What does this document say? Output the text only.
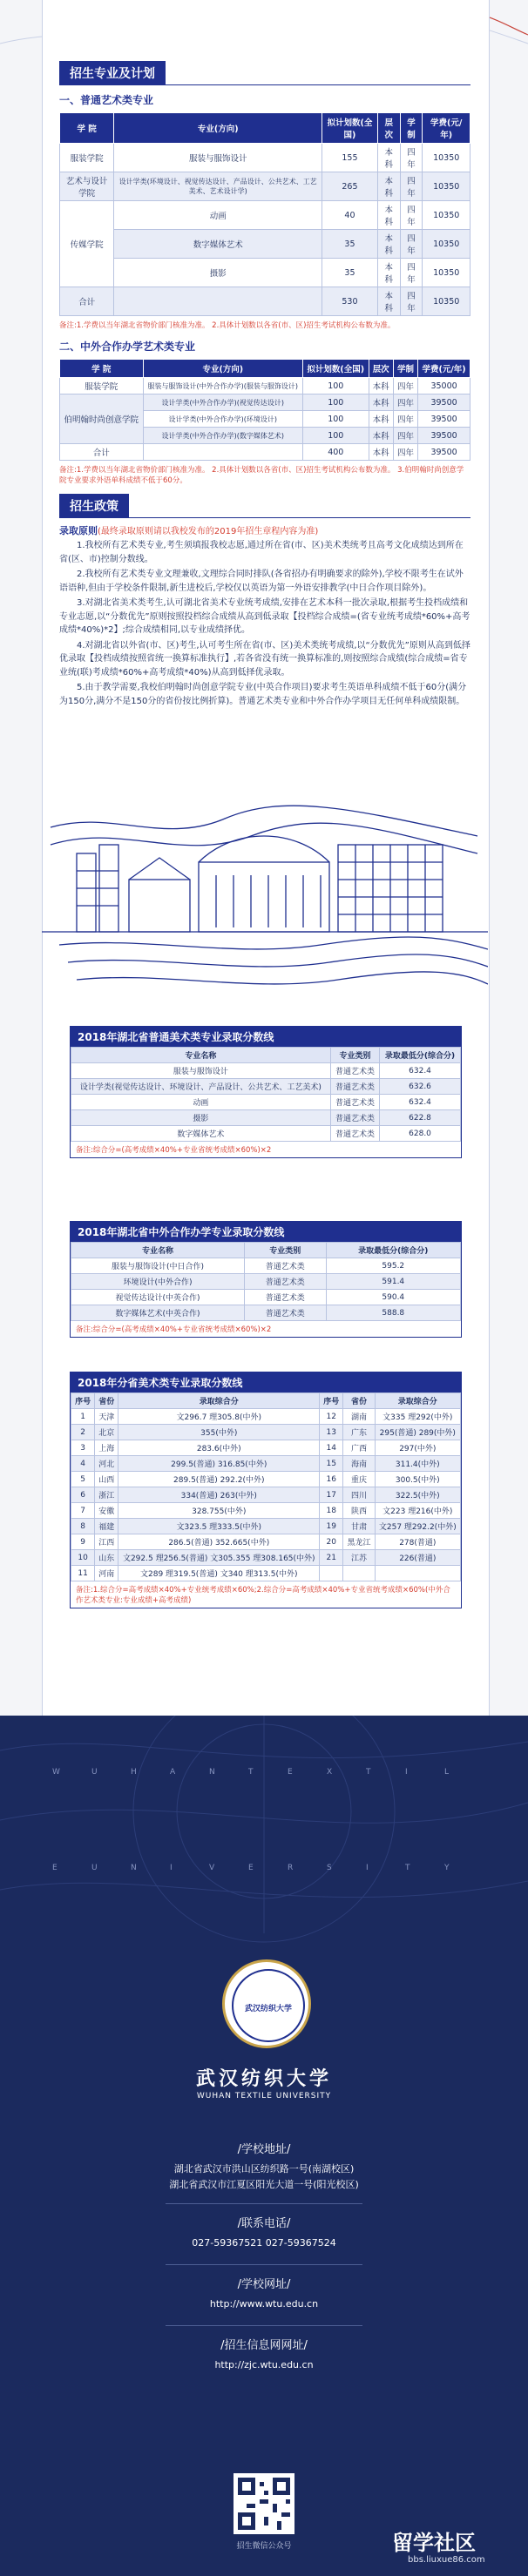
招生专业及计划
一、普通艺术类专业
学 院	专业(方向)	拟计划数(全国)	层次	学制	学费(元/年)
服装学院	服装与服饰设计	155	本科	四年	10350
艺术与设计学院	设计学类(环境设计、视觉传达设计、产品设计、公共艺术、工艺美术、艺术设计学)	265	本科	四年	10350
传媒学院	动画	40	本科	四年	10350
	数字媒体艺术	35	本科	四年	10350
	摄影	35	本科	四年	10350
合计		530	本科	四年	10350
备注:1.学费以当年湖北省物价部门核准为准。 2.具体计划数以各省(市、区)招生考试机构公布数为准。
二、中外合作办学艺术类专业
学 院	专业(方向)	拟计划数(全国)	层次	学制	学费(元/年)
服装学院	服装与服饰设计(中外合作办学)(服装与服饰设计)	100	本科	四年	35000
伯明翰时尚创意学院	设计学类(中外合作办学)(视觉传达设计)	100	本科	四年	39500
	设计学类(中外合作办学)(环境设计)	100	本科	四年	39500
	设计学类(中外合作办学)(数字媒体艺术)	100	本科	四年	39500
合计		400	本科	四年	39500
备注:1.学费以当年湖北省物价部门核准为准。 2.具体计划数以各省(市、区)招生考试机构公布数为准。 3.伯明翰时尚创意学院专业要求外语单科成绩不低于60分。
招生政策
录取原则(最终录取原则请以我校发布的2019年招生章程内容为准)

1.我校所有艺术类专业,考生须填报我校志愿,通过所在省(市、区)美术类统考且高考文化成绩达到所在省(区、市)控制分数线。

2.我校所有艺术类专业文理兼收,文理综合同时排队(各省招办有明确要求的除外),学校不限考生在试外语语种,但由于学校条件限制,新生进校后,学校仅以英语为第一外语安排教学(中日合作项目除外)。

3.对湖北省美术类考生,认可湖北省美术专业统考成绩,安排在艺术本科一批次录取,根据考生投档成绩和专业志愿,以“分数优先”原则按照投档综合成绩从高到低录取【投档综合成绩=(省专业统考成绩*60%+高考成绩*40%)*2】;综合成绩相同,以专业成绩择优。

4.对湖北省以外省(市、区)考生,认可考生所在省(市、区)美术类统考成绩,以“分数优先”原则从高到低择优录取【投档成绩按照省统一换算标准执行】,若各省没有统一换算标准的,则按照综合成绩(综合成绩=省专业统(联)考成绩*60%+高考成绩*40%)从高到低择优录取。

5.由于教学需要,我校伯明翰时尚创意学院专业(中英合作项目)要求考生英语单科成绩不低于60分(满分为150分,满分不是150分的省份按比例折算)。普通艺术类专业和中外合作办学项目无任何单科成绩限制。

2018年湖北省普通美术类专业录取分数线
专业名称	专业类别	录取最低分(综合分)
服装与服饰设计	普通艺术类	632.4
设计学类(视觉传达设计、环境设计、产品设计、公共艺术、工艺美术)	普通艺术类	632.6
动画	普通艺术类	632.4
摄影	普通艺术类	622.8
数字媒体艺术	普通艺术类	628.0
备注:综合分=(高考成绩×40%+专业省统考成绩×60%)×2
2018年湖北省中外合作办学专业录取分数线
专业名称	专业类别	录取最低分(综合分)
服装与服饰设计(中日合作)	普通艺术类	595.2
环境设计(中外合作)	普通艺术类	591.4
视觉传达设计(中英合作)	普通艺术类	590.4
数字媒体艺术(中英合作)	普通艺术类	588.8
备注:综合分=(高考成绩×40%+专业省统考成绩×60%)×2
2018年分省美术类专业录取分数线
序号	省份	录取综合分	序号	省份	录取综合分
1	天津	文296.7 理305.8(中外)	12	湖南	文335 理292(中外)
2	北京	355(中外)	13	广东	295(普通) 289(中外)
3	上海	283.6(中外)	14	广西	297(中外)
4	河北	299.5(普通) 316.85(中外)	15	海南	311.4(中外)
5	山西	289.5(普通) 292.2(中外)	16	重庆	300.5(中外)
6	浙江	334(普通) 263(中外)	17	四川	322.5(中外)
7	安徽	328.755(中外)	18	陕西	文223 理216(中外)
8	福建	文323.5 理333.5(中外)	19	甘肃	文257 理292.2(中外)
9	江西	286.5(普通) 352.665(中外)	20	黑龙江	278(普通)
10	山东	文292.5 理256.5(普通) 文305.355 理308.165(中外)	21	江苏	226(普通)
11	河南	文289 理319.5(普通) 文340 理313.5(中外)			
备注:1.综合分=高考成绩×40%+专业统考成绩×60%;2.综合分=高考成绩×40%+专业省统考成绩×60%(中外合作艺术类专业:专业成绩+高考成绩)
W	U	H	A	N	T	E	X	T	I	L
E	U	N	I	V	E	R	S	I	T	Y
武汉纺织大学
武汉纺织大学
WUHAN TEXTILE UNIVERSITY
/学校地址/
湖北省武汉市洪山区纺织路一号(南湖校区)
湖北省武汉市江夏区阳光大道一号(阳光校区)
/联系电话/
027-59367521 027-59367524
/学校网址/
http://www.wtu.edu.cn
/招生信息网网址/
http://zjc.wtu.edu.cn
招生微信公众号	留学社区
bbs.liuxue86.com
